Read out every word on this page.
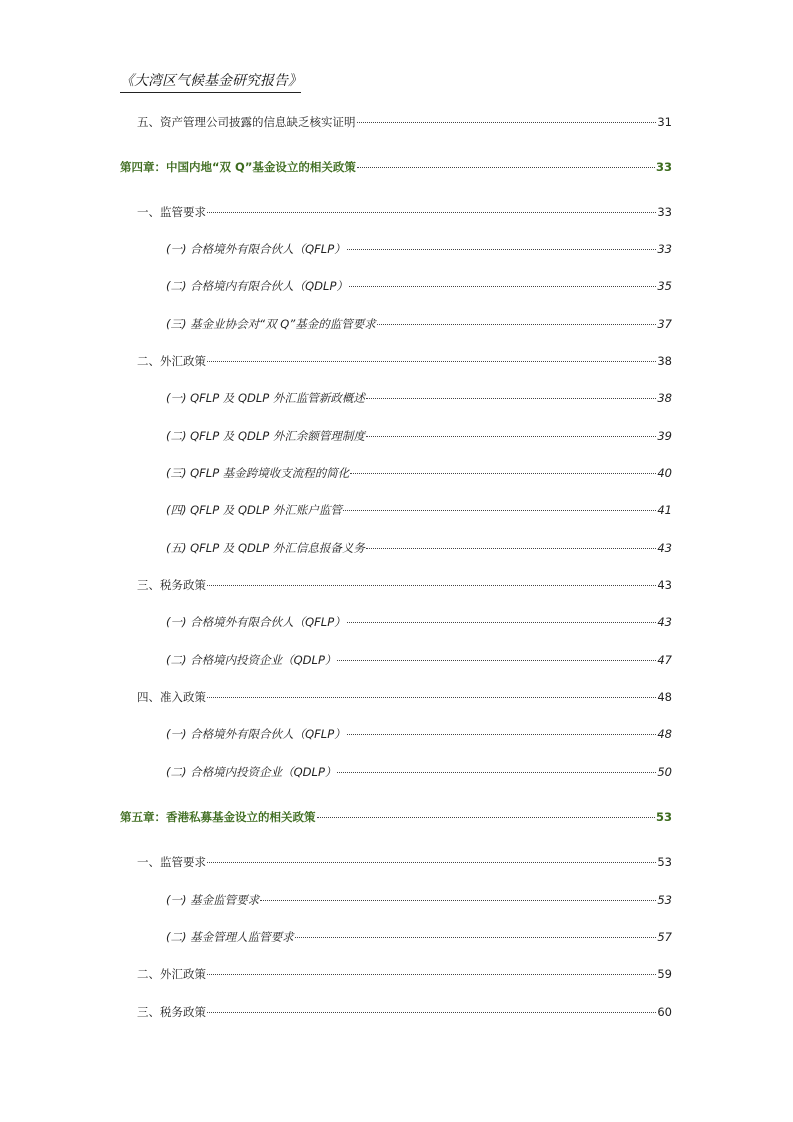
《大湾区气候基金研究报告》
五、资产管理公司披露的信息缺乏核实证明	31
第四章：中国内地“双 Q”基金设立的相关政策	33
一、监管要求	33
(一) 合格境外有限合伙人（QFLP）	33
(二) 合格境内有限合伙人（QDLP）	35
(三) 基金业协会对“双 Q”基金的监管要求	37
二、外汇政策	38
(一) QFLP 及 QDLP 外汇监管新政概述	38
(二) QFLP 及 QDLP 外汇余额管理制度	39
(三) QFLP 基金跨境收支流程的简化	40
(四) QFLP 及 QDLP 外汇账户监管	41
(五) QFLP 及 QDLP 外汇信息报备义务	43
三、税务政策	43
(一) 合格境外有限合伙人（QFLP）	43
(二) 合格境内投资企业（QDLP）	47
四、准入政策	48
(一) 合格境外有限合伙人（QFLP）	48
(二) 合格境内投资企业（QDLP）	50
第五章：香港私募基金设立的相关政策	53
一、监管要求	53
(一) 基金监管要求	53
(二) 基金管理人监管要求	57
二、外汇政策	59
三、税务政策	60
